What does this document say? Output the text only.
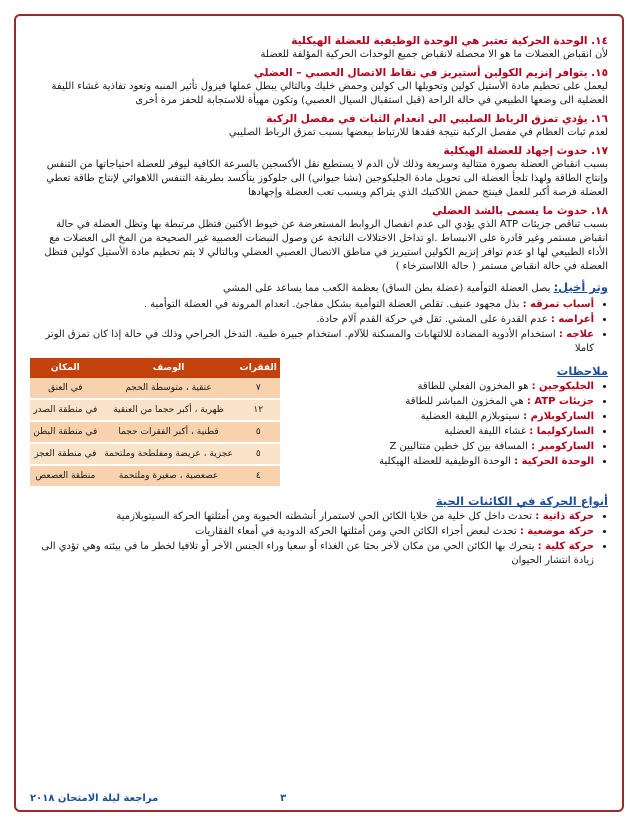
١٤. الوحدة الحركية تعتبر هي الوحدة الوظيفية للعضلة الهيكلية

لأن انقباض العضلات ما هو الا محصلة لانقباض جميع الوحدات الحركية المؤلفة للعضلة

١٥. يتوافر إنزيم الكولين أستيريز في نقاط الاتصال العصبي – العضلي

ليعمل على تحطيم مادة الأستيل كولين وتحويلها الى كولين وحمض خليك وبالتالي يبطل عملها فيزول تأثير المنبه وتعود تفاذية غشاء الليفة العضلية الى وضعها الطبيعي في حالة الراحة (قبل استقبال السيال العصبي) وتكون مهيأة للاستجابة للحفز مرة أخرى

١٦. يؤدي تمزق الرباط الصليبي الى انعدام الثبات في مفصل الركبة

لعدم ثبات العظام في مفصل الركبة نتيجة فقدها للارتباط ببعضها بسبب تمزق الرباط الصليبي

١٧. حدوث إجهاد للعضلة الهيكلية

بسبب انقباض العضلة بصورة متتالية وسريعة وذلك لأن الدم لا يستطيع نقل الأكسجين بالسرعة الكافية ليوفر للعضلة احتياجاتها من التنفس وإنتاج الطاقة ولهذا تلجأ العضلة الى تحويل مادة الجليكوجين (نشا حيواني) الى جلوكوز يتأكسد بطريقة التنفس اللاهوائي لإنتاج طاقة تعطي العضلة فرصة أكبر للعمل فينتج حمض اللاكتيك الذي يتراكم ويسبب تعب العضلة وإجهادها

١٨. حدوث ما يسمى بالشد العضلي

بسبب تناقص جزيئات ATP الذي يؤدي الى عدم انفصال الروابط المستعرضة عن خيوط الأكتين فتظل مرتبطة بها وتظل العضلة في حالة انقباض مستمر وغير قادرة على الانبساط .او تداخل الاختلالات الناتجة عن وصول النبضات العصبية غير الصحيحة من المخ الى العضلات مع الأداء الطبيعي لها او عدم توافر إنزيم الكولين استيريز في مناطق الاتصال العصبي العضلي وبالتالي لا يتم تحطيم مادة الأستيل كولين فتظل العضلة في حالة انقباض مستمر ( حالة اللااسترخاء )

وتر أخيل: يصل العضلة التوأمية (عضلة بطن الساق) بعظمة الكعب مما يساعد على المشي
• أسباب تمزقه : بذل مجهود عنيف. تقلص العضلة التوأمية بشكل مفاجئ. انعدام المرونة في العضلة التوأمية .
• أعراضه : عدم القدرة على المشي. ثقل في حركة القدم آلام حادة.
• علاجه : استخدام الأدوية المضادة للالتهابات والمسكنة للآلام. استخدام جبيرة طبية. التدخل الجراحي وذلك في حالة إذا كان تمزق الوتر كاملا
ملاحظات
• الجليكوجين : هو المخزون الفعلي للطاقة
• جزيئات ATP : هي المخزون المباشر للطاقة
• الساركوبلازم : سيتوبلازم الليفة العضلية
• الساركوليما : غشاء الليفة العضلية
• الساركومير : المسافة بين كل خطين متتاليين Z
• الوحدة الحركية : الوحدة الوظيفية للعضلة الهيكلية
الفقرات	الوصف	المكان
٧	عنقية ، متوسطة الحجم	في العنق
١٢	ظهرية ، أكبر حجما من العنقية	في منطقة الصدر
٥	قطنية ، أكبر الفقرات حجما	في منطقة البطن
٥	عجزية ، عريضة ومفلطحة وملتحمة	في منطقة العجز
٤	عصعصية ، صغيرة وملتحمة	منطقة العصعص
أنواع الحركة في الكائنات الحية
• حركة ذاتية : تحدث داخل كل خلية من خلايا الكائن الحي لاستمرار أنشطته الحيوية ومن أمثلتها الحركة السيتوبلازمية
• حركة موضعية : تحدث لبعض أجزاء الكائن الحي ومن أمثلتها الحركة الدودية في أمعاء الفقاريات
• حركة كلية : يتحرك بها الكائن الحي من مكان لآخر بحثا عن الغذاء أو سعيا وراء الجنس الآخر أو تلافيا لخطر ما في بيئته وهي تؤدي الى زيادة انتشار الحيوان
٣
مراجعة ليلة الامتحان ٢٠١٨
